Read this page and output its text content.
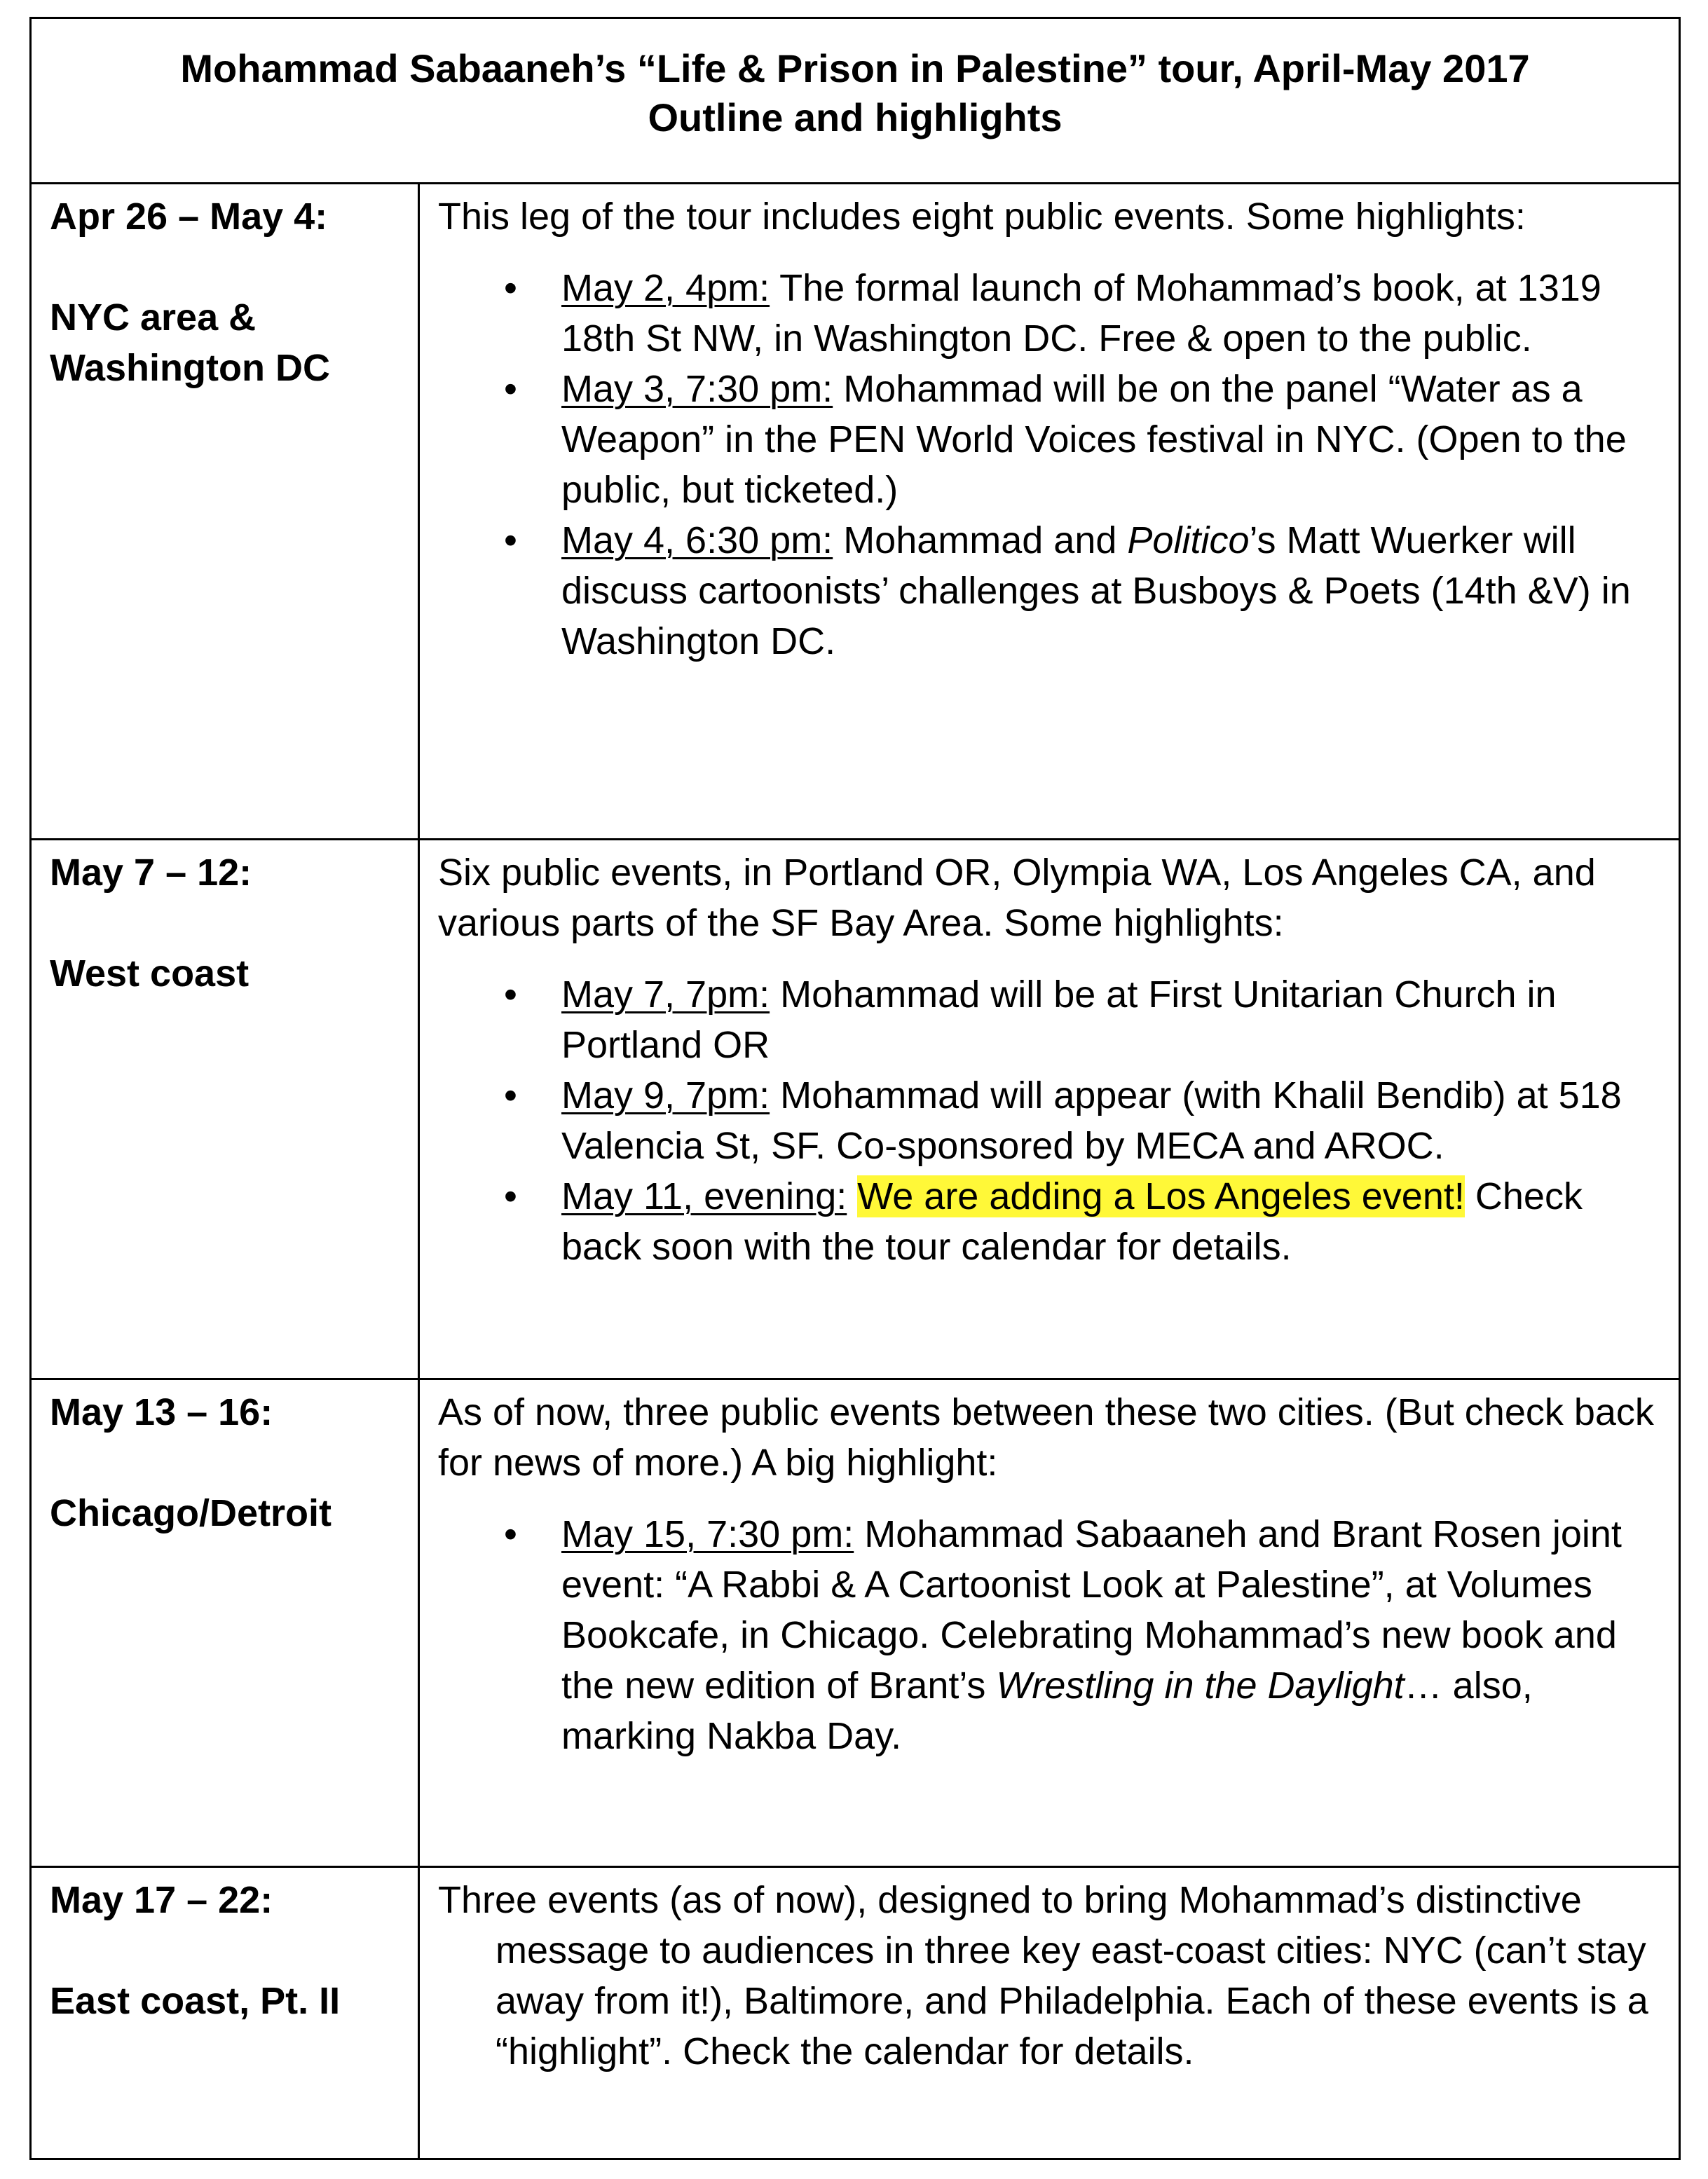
Mohammad Sabaaneh’s “Life & Prison in Palestine” tour, April-May 2017
Outline and highlights
Apr 26 – May 4:
NYC area & Washington DC

This leg of the tour includes eight public events. Some highlights:

• May 2, 4pm: The formal launch of Mohammad’s book, at 1319 18th St NW, in Washington DC. Free & open to the public.
• May 3, 7:30 pm: Mohammad will be on the panel “Water as a Weapon” in the PEN World Voices festival in NYC. (Open to the public, but ticketed.)
• May 4, 6:30 pm: Mohammad and Politico’s Matt Wuerker will discuss cartoonists’ challenges at Busboys & Poets (14th &V) in Washington DC.
May 7 – 12:
West coast

Six public events, in Portland OR, Olympia WA, Los Angeles CA, and various parts of the SF Bay Area. Some highlights:

• May 7, 7pm: Mohammad will be at First Unitarian Church in Portland OR
• May 9, 7pm: Mohammad will appear (with Khalil Bendib) at 518 Valencia St, SF. Co-sponsored by MECA and AROC.
• May 11, evening: We are adding a Los Angeles event! Check back soon with the tour calendar for details.
May 13 – 16:
Chicago/Detroit

As of now, three public events between these two cities. (But check back for news of more.) A big highlight:

• May 15, 7:30 pm: Mohammad Sabaaneh and Brant Rosen joint event: “A Rabbi & A Cartoonist Look at Palestine”, at Volumes Bookcafe, in Chicago. Celebrating Mohammad’s new book and the new edition of Brant’s Wrestling in the Daylight… also, marking Nakba Day.
May 17 – 22:
East coast, Pt. II

Three events (as of now), designed to bring Mohammad’s distinctive message to audiences in three key east-coast cities: NYC (can’t stay away from it!), Baltimore, and Philadelphia. Each of these events is a “highlight”. Check the calendar for details.
